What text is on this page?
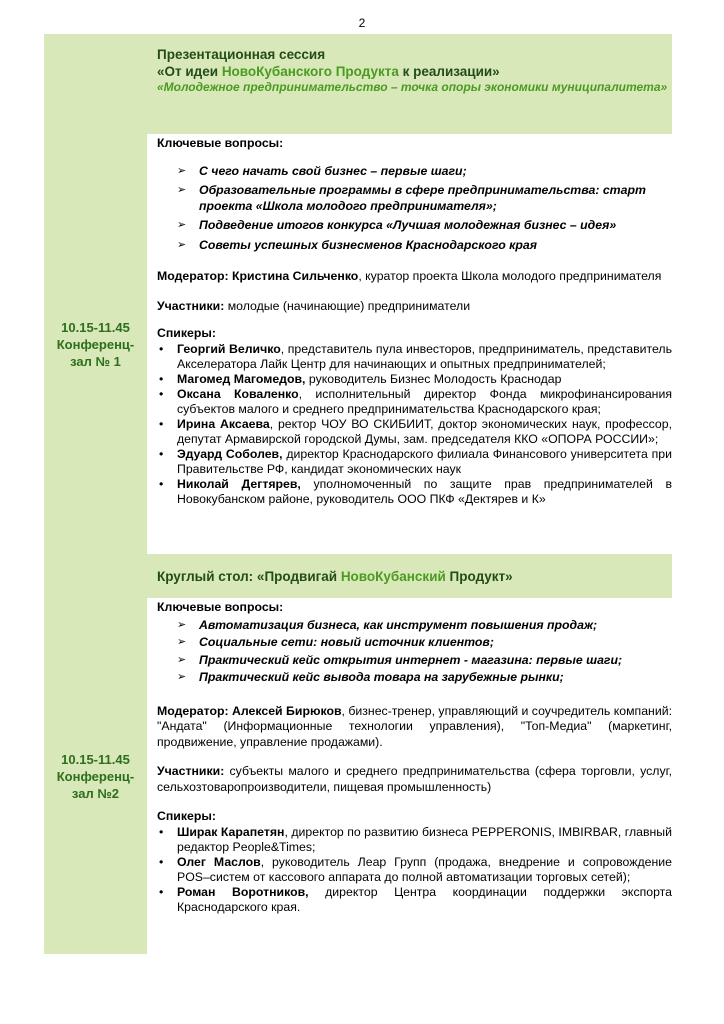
2
Презентационная сессия
«От идеи НовоКубанского Продукта к реализации»
«Молодежное предпринимательство – точка опоры экономики муниципалитета»
10.15-11.45
Конференц-
зал № 1
Ключевые вопросы:
➢ С чего начать свой бизнес – первые шаги;
➢ Образовательные программы в сфере предпринимательства: старт проекта «Школа молодого предпринимателя»;
➢ Подведение итогов конкурса «Лучшая молодежная бизнес – идея»
➢ Советы успешных бизнесменов Краснодарского края
Модератор: Кристина Сильченко, куратор проекта Школа молодого предпринимателя
Участники: молодые (начинающие) предприниматели
Спикеры:
• Георгий Величко, представитель пула инвесторов, предприниматель, представитель Акселератора Лайк Центр для начинающих и опытных предпринимателей;
• Магомед Магомедов, руководитель Бизнес Молодость Краснодар
• Оксана Коваленко, исполнительный директор Фонда микрофинансирования субъектов малого и среднего предпринимательства Краснодарского края;
• Ирина Аксаева, ректор ЧОУ ВО СКИБИИТ, доктор экономических наук, профессор, депутат Армавирской городской Думы, зам. председателя ККО «ОПОРА РОССИИ»;
• Эдуард Соболев, директор Краснодарского филиала Финансового университета при Правительстве РФ, кандидат экономических наук
• Николай Дегтярев, уполномоченный по защите прав предпринимателей в Новокубанском районе, руководитель ООО ПКФ «Дектярев и К»
Круглый стол: «Продвигай НовоКубанский Продукт»
10.15-11.45
Конференц-
зал №2
Ключевые вопросы:
➢ Автоматизация бизнеса, как инструмент повышения продаж;
➢ Социальные сети: новый источник клиентов;
➢ Практический кейс открытия интернет - магазина: первые шаги;
➢ Практический кейс вывода товара на зарубежные рынки;
Модератор: Алексей Бирюков, бизнес-тренер, управляющий и соучредитель компаний: "Андата" (Информационные технологии управления), "Топ-Медиа" (маркетинг, продвижение, управление продажами).
Участники: субъекты малого и среднего предпринимательства (сфера торговли, услуг, сельхозтоваропроизводители, пищевая промышленность)
Спикеры:
• Ширак Карапетян, директор по развитию бизнеса PEPPERONIS, IMBIRBAR, главный редактор People&Times;
• Олег Маслов, руководитель Леар Групп (продажа, внедрение и сопровождение POS–систем от кассового аппарата до полной автоматизации торговых сетей);
• Роман Воротников, директор Центра координации поддержки экспорта Краснодарского края.
